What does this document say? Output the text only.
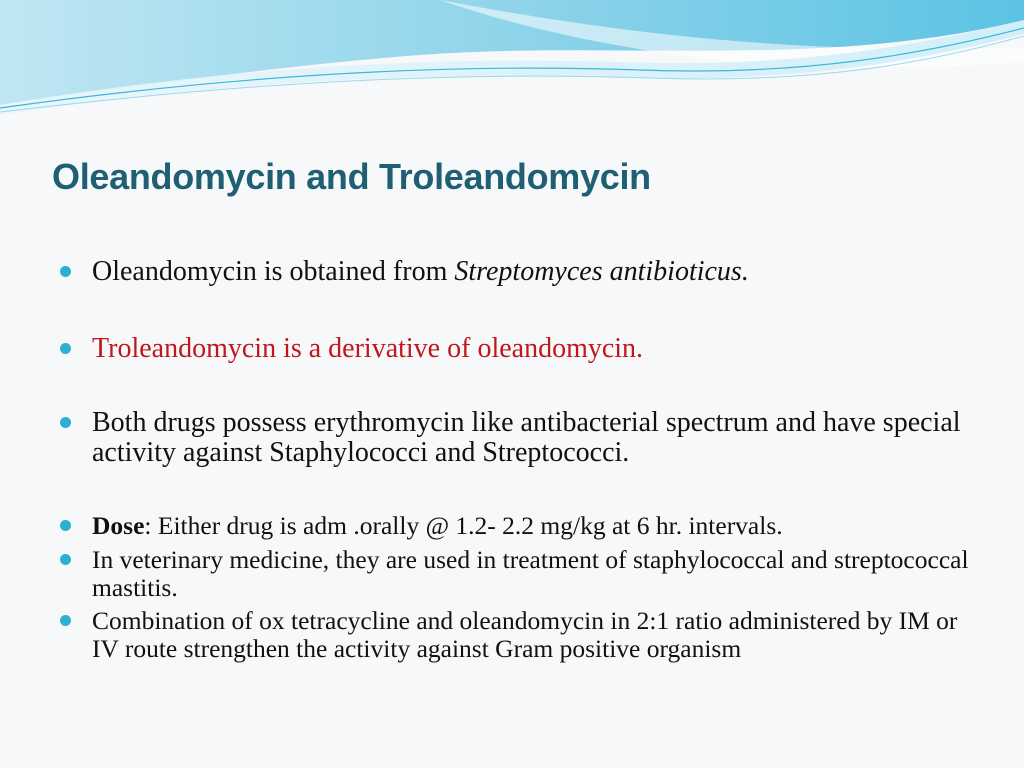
Oleandomycin and Troleandomycin
Oleandomycin is obtained from Streptomyces antibioticus.
Troleandomycin is a derivative of oleandomycin.
Both drugs possess erythromycin like antibacterial spectrum and have special activity against Staphylococci and Streptococci.
Dose: Either drug is adm .orally @ 1.2- 2.2 mg/kg at 6 hr. intervals.
In veterinary medicine, they are used in treatment of staphylococcal and streptococcal mastitis.
Combination of ox tetracycline and oleandomycin in 2:1 ratio administered by IM or IV route strengthen the activity against Gram positive organism
